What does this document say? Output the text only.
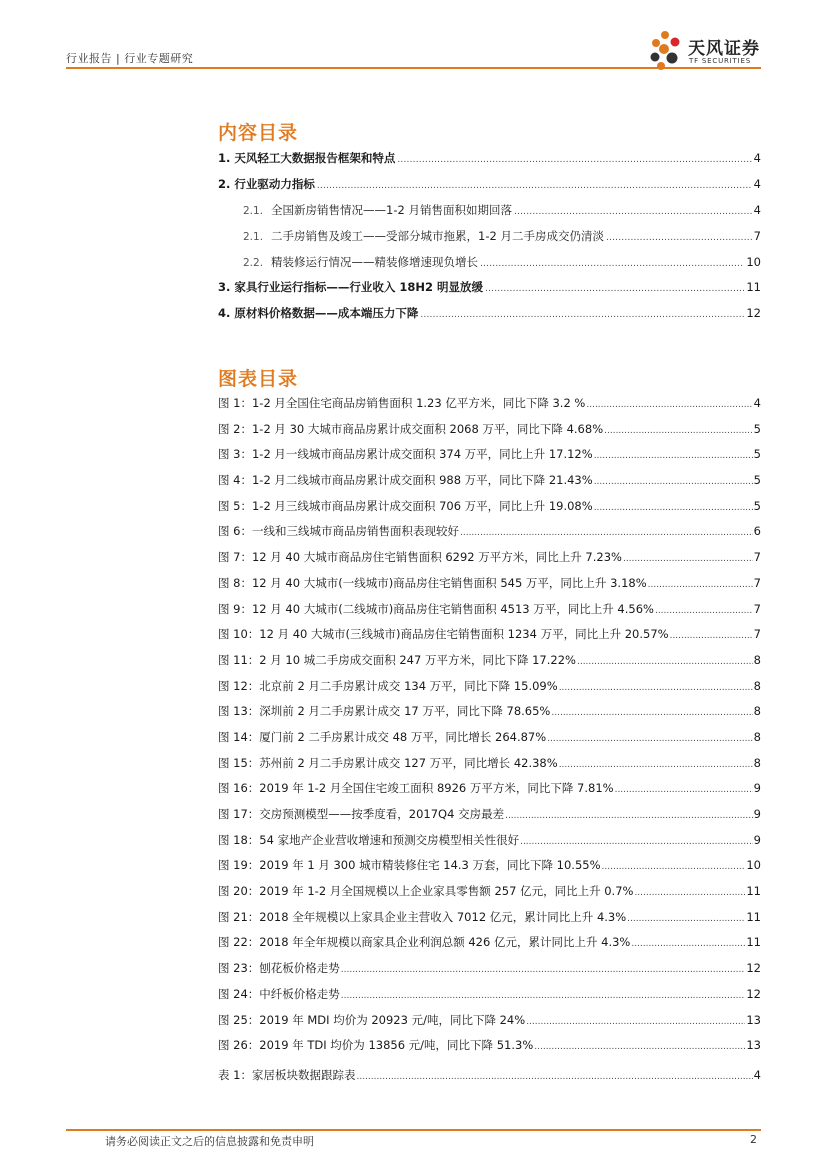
行业报告 | 行业专题研究	天风证券
TF SECURITIES
内容目录
1. 天风轻工大数据报告框架和特点 .....	4
2. 行业驱动力指标 .....	4
2.1. 全国新房销售情况——1-2 月销售面积如期回落 .....	4
2.1. 二手房销售及竣工——受部分城市拖累，1-2 月二手房成交仍清淡 .....	7
2.2. 精装修运行情况——精装修增速现负增长 .....	10
3. 家具行业运行指标——行业收入 18H2 明显放缓 .....	11
4. 原材料价格数据——成本端压力下降 .....	12
图表目录
图 1：1-2 月全国住宅商品房销售面积 1.23 亿平方米，同比下降 3.2 % .....	4
图 2：1-2 月 30 大城市商品房累计成交面积 2068 万平，同比下降 4.68% .....	5
图 3：1-2 月一线城市商品房累计成交面积 374 万平，同比上升 17.12% .....	5
图 4：1-2 月二线城市商品房累计成交面积 988 万平，同比下降 21.43% .....	5
图 5：1-2 月三线城市商品房累计成交面积 706 万平，同比上升 19.08% .....	5
图 6：一线和三线城市商品房销售面积表现较好 .....	6
图 7：12 月 40 大城市商品房住宅销售面积 6292 万平方米，同比上升 7.23% .....	7
图 8：12 月 40 大城市(一线城市)商品房住宅销售面积 545 万平，同比上升 3.18% .....	7
图 9：12 月 40 大城市(二线城市)商品房住宅销售面积 4513 万平，同比上升 4.56% .....	7
图 10：12 月 40 大城市(三线城市)商品房住宅销售面积 1234 万平，同比上升 20.57% .....	7
图 11：2 月 10 城二手房成交面积 247 万平方米，同比下降 17.22% .....	8
图 12：北京前 2 月二手房累计成交 134 万平，同比下降 15.09% .....	8
图 13：深圳前 2 月二手房累计成交 17 万平，同比下降 78.65% .....	8
图 14：厦门前 2 二手房累计成交 48 万平，同比增长 264.87% .....	8
图 15：苏州前 2 月二手房累计成交 127 万平，同比增长 42.38% .....	8
图 16：2019 年 1-2 月全国住宅竣工面积 8926 万平方米，同比下降 7.81% .....	9
图 17：交房预测模型——按季度看，2017Q4 交房最差 .....	9
图 18：54 家地产企业营收增速和预测交房模型相关性很好 .....	9
图 19：2019 年 1 月 300 城市精装修住宅 14.3 万套，同比下降 10.55% .....	10
图 20：2019 年 1-2 月全国规模以上企业家具零售额 257 亿元，同比上升 0.7% .....	11
图 21：2018 全年规模以上家具企业主营收入 7012 亿元，累计同比上升 4.3% .....	11
图 22：2018 年全年规模以商家具企业利润总额 426 亿元，累计同比上升 4.3% .....	11
图 23：刨花板价格走势 .....	12
图 24：中纤板价格走势 .....	12
图 25：2019 年 MDI 均价为 20923 元/吨，同比下降 24% .....	13
图 26：2019 年 TDI 均价为 13856 元/吨，同比下降 51.3% .....	13
表 1：家居板块数据跟踪表 .....	4
请务必阅读正文之后的信息披露和免责申明	2
